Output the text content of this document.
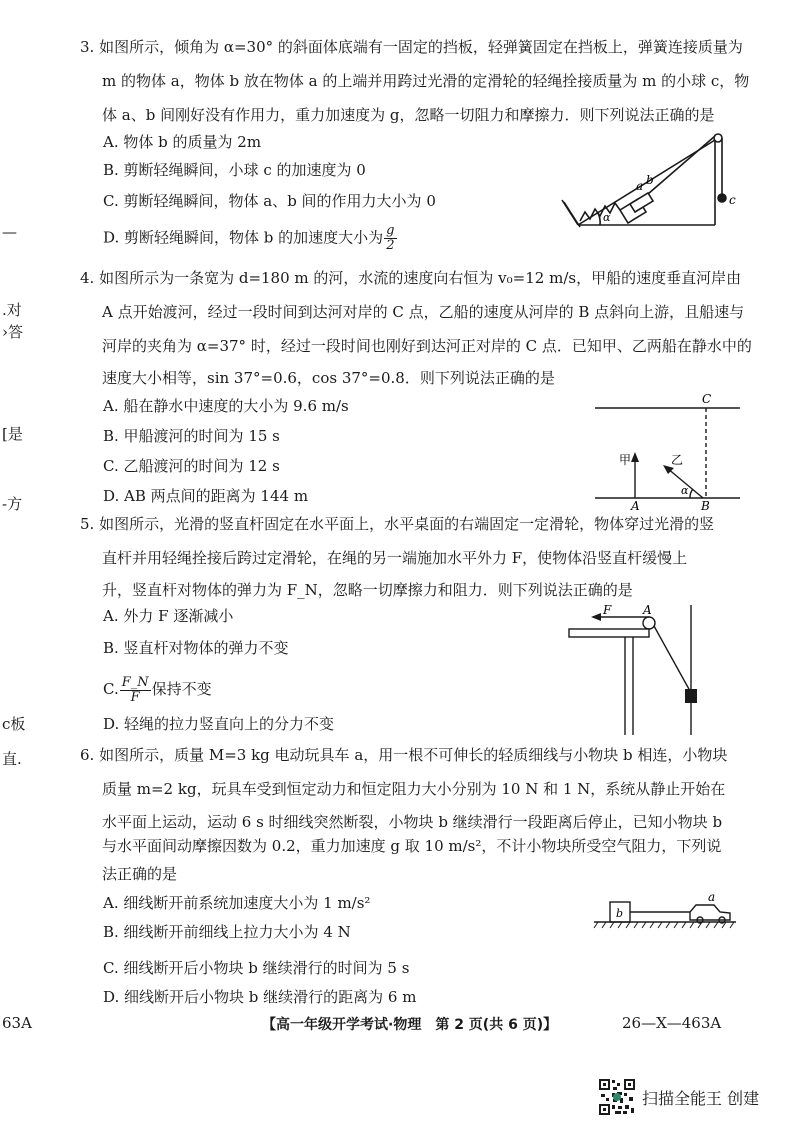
—
.对
›答
[是
-方
c板
直.
3. 如图所示，倾角为 α=30° 的斜面体底端有一固定的挡板，轻弹簧固定在挡板上，弹簧连接质量为
m 的物体 a，物体 b 放在物体 a 的上端并用跨过光滑的定滑轮的轻绳拴接质量为 m 的小球 c，物
体 a、b 间刚好没有作用力，重力加速度为 g，忽略一切阻力和摩擦力．则下列说法正确的是
A. 物体 b 的质量为 2m
B. 剪断轻绳瞬间，小球 c 的加速度为 0
C. 剪断轻绳瞬间，物体 a、b 间的作用力大小为 0
D. 剪断轻绳瞬间，物体 b 的加速度大小为 $\frac{g}{2}$
a b
c
α
4. 如图所示为一条宽为 d=180 m 的河，水流的速度向右恒为 v₀=12 m/s，甲船的速度垂直河岸由
A 点开始渡河，经过一段时间到达河对岸的 C 点，乙船的速度从河岸的 B 点斜向上游，且船速与
河岸的夹角为 α=37° 时，经过一段时间也刚好到达河正对岸的 C 点．已知甲、乙两船在静水中的
速度大小相等，sin 37°=0.6，cos 37°=0.8．则下列说法正确的是
A. 船在静水中速度的大小为 9.6 m/s
B. 甲船渡河的时间为 15 s
C. 乙船渡河的时间为 12 s
D. AB 两点间的距离为 144 m
C
A	B
甲	乙
α
5. 如图所示，光滑的竖直杆固定在水平面上，水平桌面的右端固定一定滑轮，物体穿过光滑的竖
直杆并用轻绳拴接后跨过定滑轮，在绳的另一端施加水平外力 F，使物体沿竖直杆缓慢上
升，竖直杆对物体的弹力为 F_N，忽略一切摩擦力和阻力．则下列说法正确的是
A. 外力 F 逐渐减小
B. 竖直杆对物体的弹力不变
C. $\frac{F\_N}{F}$ 保持不变
D. 轻绳的拉力竖直向上的分力不变
F	A
6. 如图所示，质量 M=3 kg 电动玩具车 a，用一根不可伸长的轻质细线与小物块 b 相连，小物块
质量 m=2 kg，玩具车受到恒定动力和恒定阻力大小分别为 10 N 和 1 N，系统从静止开始在
水平面上运动，运动 6 s 时细线突然断裂，小物块 b 继续滑行一段距离后停止，已知小物块 b
与水平面间动摩擦因数为 0.2，重力加速度 g 取 10 m/s²，不计小物块所受空气阻力，下列说
法正确的是
A. 细线断开前系统加速度大小为 1 m/s²
B. 细线断开前细线上拉力大小为 4 N
C. 细线断开后小物块 b 继续滑行的时间为 5 s
D. 细线断开后小物块 b 继续滑行的距离为 6 m
b
a
63A	【高一年级开学考试·物理　第 2 页(共 6 页)】	26—X—463A
扫描全能王 创建
